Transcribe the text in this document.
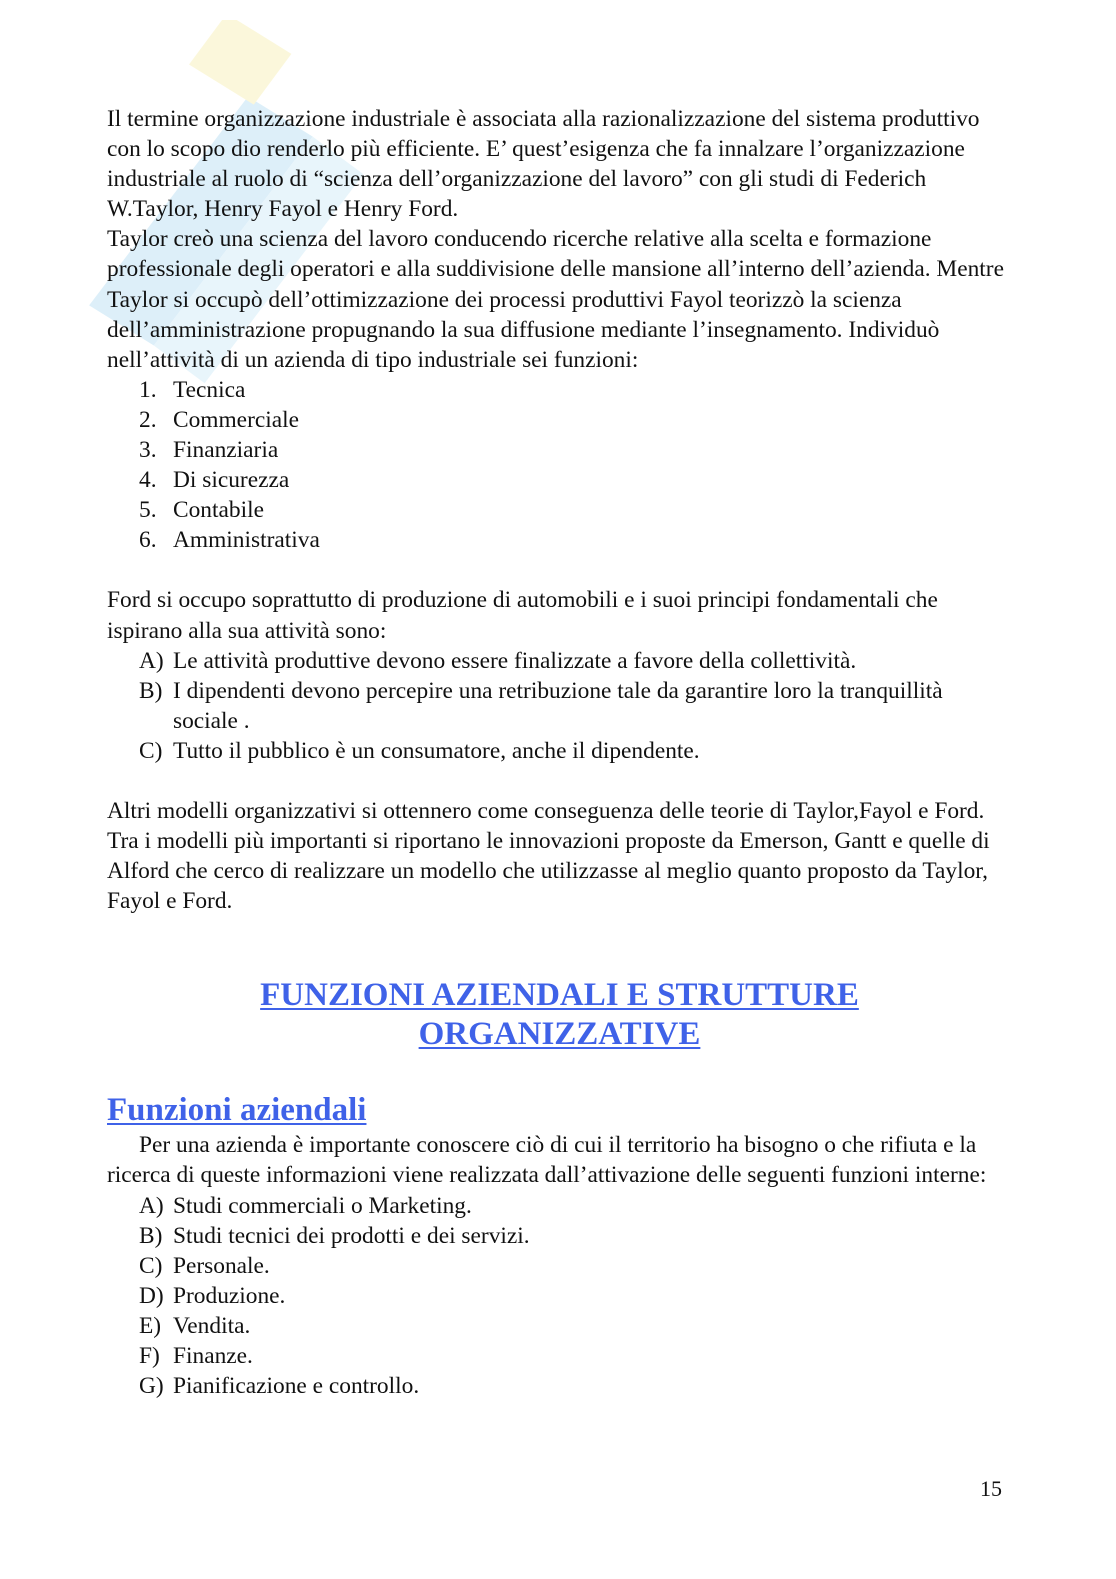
Il termine organizzazione industriale è associata alla razionalizzazione del sistema produttivo con lo scopo dio renderlo più efficiente. E’ quest’esigenza che fa innalzare l’organizzazione industriale al ruolo di “scienza dell’organizzazione del lavoro” con gli studi di Federich W.Taylor, Henry Fayol e Henry Ford.

Taylor creò una scienza del lavoro conducendo ricerche relative alla scelta e formazione professionale degli operatori e alla suddivisione delle mansione all’interno dell’azienda. Mentre Taylor si occupò dell’ottimizzazione dei processi produttivi Fayol teorizzò la scienza dell’amministrazione propugnando la sua diffusione mediante l’insegnamento. Individuò nell’attività di un azienda di tipo industriale sei funzioni:

1. Tecnica
2. Commerciale
3. Finanziaria
4. Di sicurezza
5. Contabile
6. Amministrativa

Ford si occupo soprattutto di produzione di automobili e i suoi principi fondamentali che ispirano alla sua attività sono:

A) Le attività produttive devono essere finalizzate a favore della collettività.
B) I dipendenti devono percepire una retribuzione tale da garantire loro la tranquillità sociale .
C) Tutto il pubblico è un consumatore, anche il dipendente.

Altri modelli organizzativi si ottennero come conseguenza delle teorie di Taylor,Fayol e Ford. Tra i modelli più importanti si riportano le innovazioni proposte da Emerson, Gantt e quelle di Alford che cerco di realizzare un modello che utilizzasse al meglio quanto proposto da Taylor, Fayol e Ford.

FUNZIONI AZIENDALI E STRUTTURE
ORGANIZZATIVE
Funzioni aziendali

Per una azienda è importante conoscere ciò di cui il territorio ha bisogno o che rifiuta e la ricerca di queste informazioni viene realizzata dall’attivazione delle seguenti funzioni interne:

A) Studi commerciali o Marketing.
B) Studi tecnici dei prodotti e dei servizi.
C) Personale.
D) Produzione.
E) Vendita.
F) Finanze.
G) Pianificazione e controllo.
15
